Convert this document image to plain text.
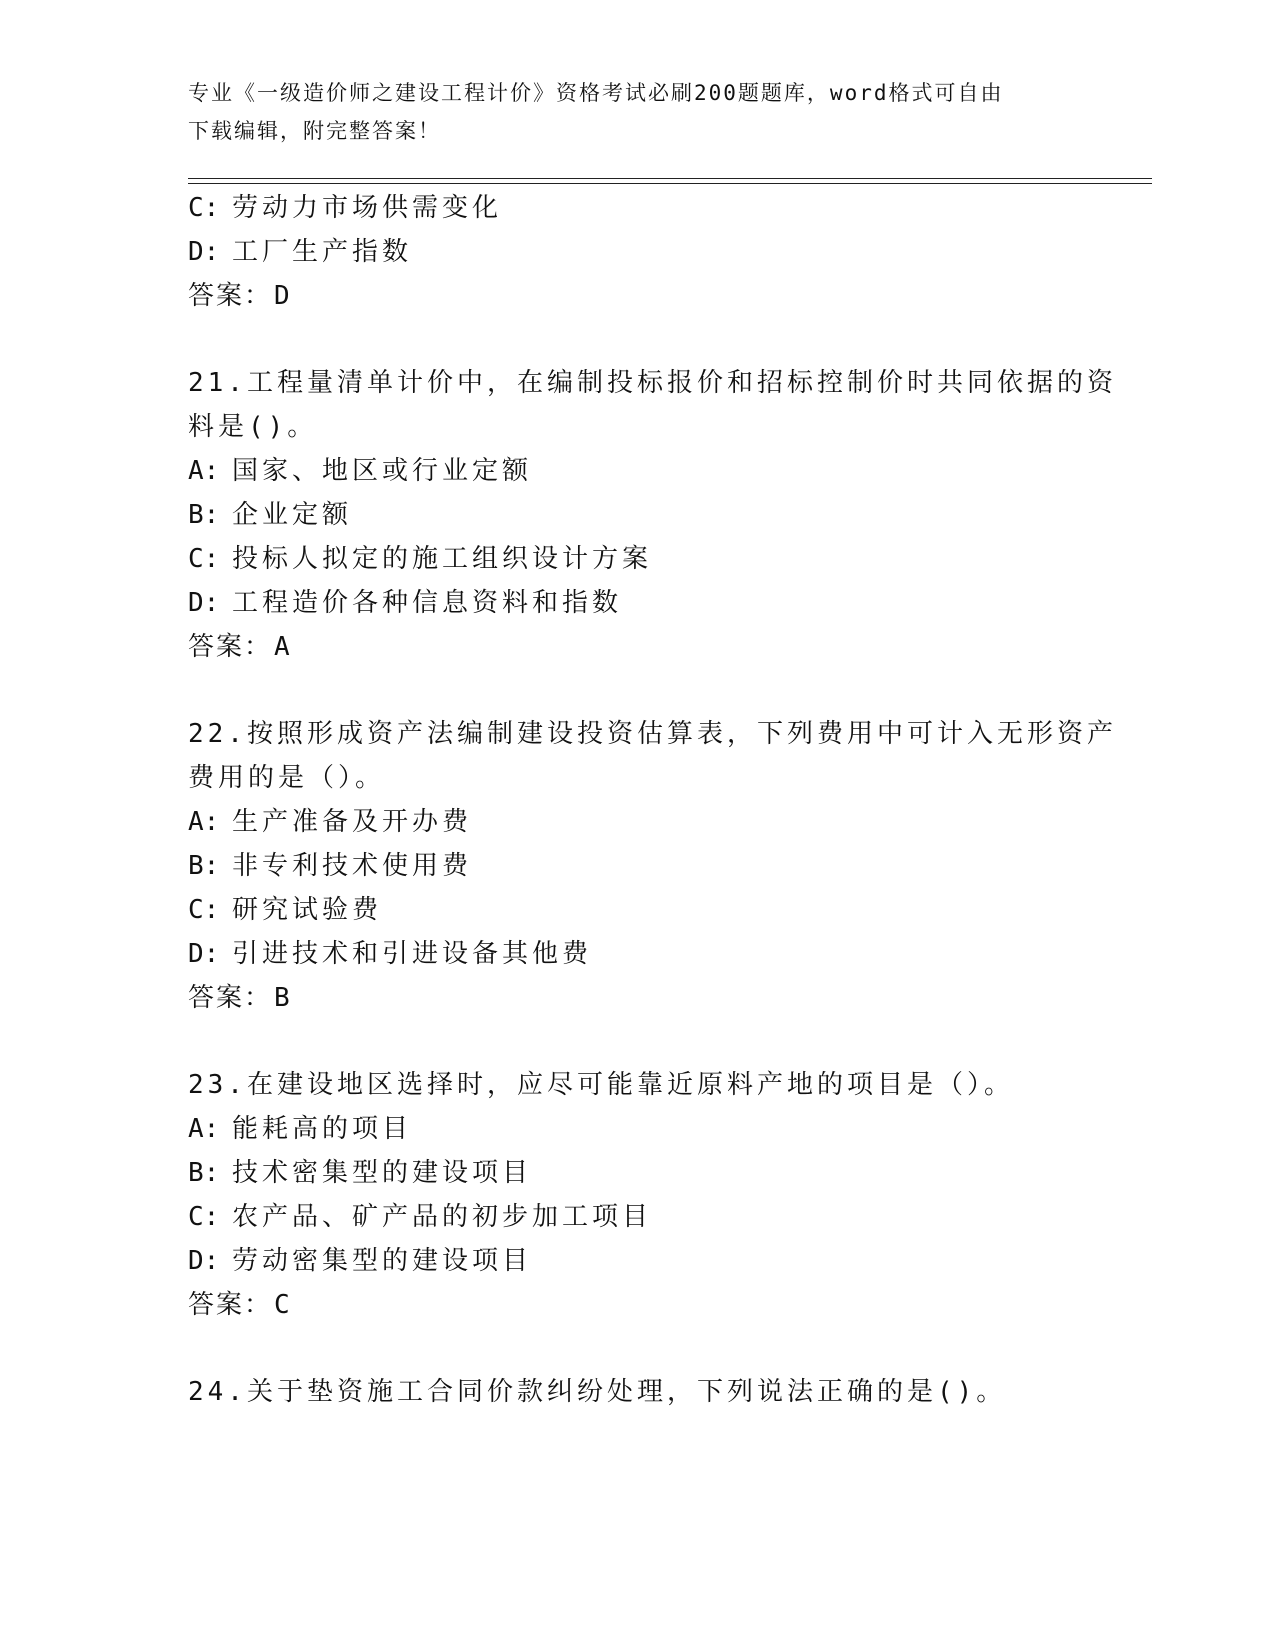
专业《一级造价师之建设工程计价》资格考试必刷200题题库，word格式可自由
下载编辑，附完整答案！
C: 劳动力市场供需变化
D: 工厂生产指数
答案：D
21.工程量清单计价中，在编制投标报价和招标控制价时共同依据的资
料是()。
A: 国家、地区或行业定额
B: 企业定额
C: 投标人拟定的施工组织设计方案
D: 工程造价各种信息资料和指数
答案：A
22.按照形成资产法编制建设投资估算表，下列费用中可计入无形资产
费用的是（）。
A: 生产准备及开办费
B: 非专利技术使用费
C: 研究试验费
D: 引进技术和引进设备其他费
答案：B
23.在建设地区选择时，应尽可能靠近原料产地的项目是（）。
A: 能耗高的项目
B: 技术密集型的建设项目
C: 农产品、矿产品的初步加工项目
D: 劳动密集型的建设项目
答案：C
24.关于垫资施工合同价款纠纷处理，下列说法正确的是()。
